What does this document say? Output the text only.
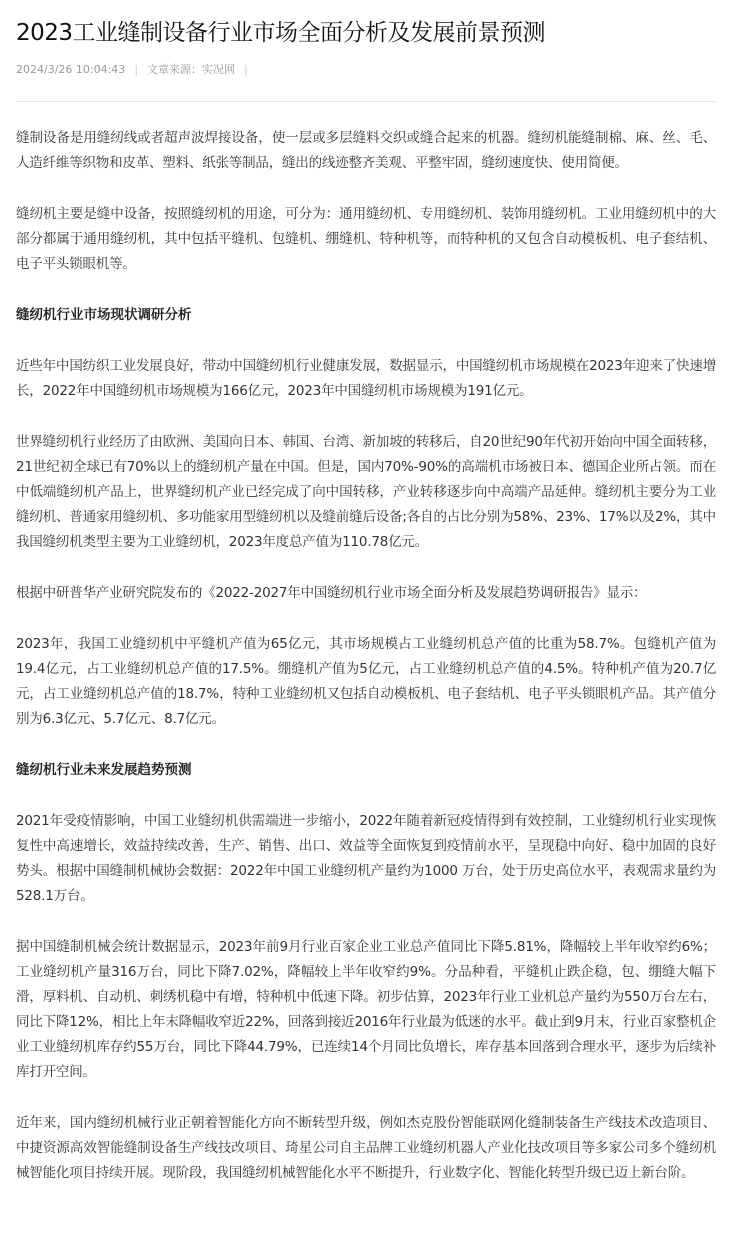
2023工业缝制设备行业市场全面分析及发展前景预测
2024/3/26 10:04:43 | 文章来源：实况网 |

缝制设备是用缝纫线或者超声波焊接设备，使一层或多层缝料交织或缝合起来的机器。缝纫机能缝制棉、麻、丝、毛、人造纤维等织物和皮革、塑料、纸张等制品，缝出的线迹整齐美观、平整牢固，缝纫速度快、使用简便。

缝纫机主要是缝中设备，按照缝纫机的用途，可分为：通用缝纫机、专用缝纫机、装饰用缝纫机。工业用缝纫机中的大部分都属于通用缝纫机，其中包括平缝机、包缝机、绷缝机、特种机等，而特种机的又包含自动模板机、电子套结机、电子平头锁眼机等。

缝纫机行业市场现状调研分析

近些年中国纺织工业发展良好，带动中国缝纫机行业健康发展，数据显示，中国缝纫机市场规模在2023年迎来了快速增长，2022年中国缝纫机市场规模为166亿元，2023年中国缝纫机市场规模为191亿元。

世界缝纫机行业经历了由欧洲、美国向日本、韩国、台湾、新加坡的转移后，自20世纪90年代初开始向中国全面转移，21世纪初全球已有70%以上的缝纫机产量在中国。但是，国内70%-90%的高端机市场被日本、德国企业所占领。而在中低端缝纫机产品上，世界缝纫机产业已经完成了向中国转移，产业转移逐步向中高端产品延伸。缝纫机主要分为工业缝纫机、普通家用缝纫机、多功能家用型缝纫机以及缝前缝后设备;各自的占比分别为58%、23%、17%以及2%，其中我国缝纫机类型主要为工业缝纫机，2023年度总产值为110.78亿元。

根据中研普华产业研究院发布的《2022-2027年中国缝纫机行业市场全面分析及发展趋势调研报告》显示：

2023年，我国工业缝纫机中平缝机产值为65亿元，其市场规模占工业缝纫机总产值的比重为58.7%。包缝机产值为19.4亿元，占工业缝纫机总产值的17.5%。绷缝机产值为5亿元，占工业缝纫机总产值的4.5%。特种机产值为20.7亿元，占工业缝纫机总产值的18.7%，特种工业缝纫机又包括自动模板机、电子套结机、电子平头锁眼机产品。其产值分别为6.3亿元、5.7亿元、8.7亿元。

缝纫机行业未来发展趋势预测

2021年受疫情影响，中国工业缝纫机供需端进一步缩小，2022年随着新冠疫情得到有效控制，工业缝纫机行业实现恢复性中高速增长，效益持续改善，生产、销售、出口、效益等全面恢复到疫情前水平，呈现稳中向好、稳中加固的良好势头。根据中国缝制机械协会数据：2022年中国工业缝纫机产量约为1000 万台，处于历史高位水平，表观需求量约为528.1万台。

据中国缝制机械会统计数据显示，2023年前9月行业百家企业工业总产值同比下降5.81%，降幅较上半年收窄约6%；工业缝纫机产量316万台，同比下降7.02%，降幅较上半年收窄约9%。分品种看，平缝机止跌企稳，包、绷缝大幅下滑，厚料机、自动机、刺绣机稳中有增，特种机中低速下降。初步估算，2023年行业工业机总产量约为550万台左右，同比下降12%，相比上年末降幅收窄近22%，回落到接近2016年行业最为低迷的水平。截止到9月末，行业百家整机企业工业缝纫机库存约55万台，同比下降44.79%，已连续14个月同比负增长，库存基本回落到合理水平，逐步为后续补库打开空间。

近年来，国内缝纫机械行业正朝着智能化方向不断转型升级，例如杰克股份智能联网化缝制装备生产线技术改造项目、中捷资源高效智能缝制设备生产线技改项目、琦星公司自主品牌工业缝纫机器人产业化技改项目等多家公司多个缝纫机械智能化项目持续开展。现阶段，我国缝纫机械智能化水平不断提升，行业数字化、智能化转型升级已迈上新台阶。
